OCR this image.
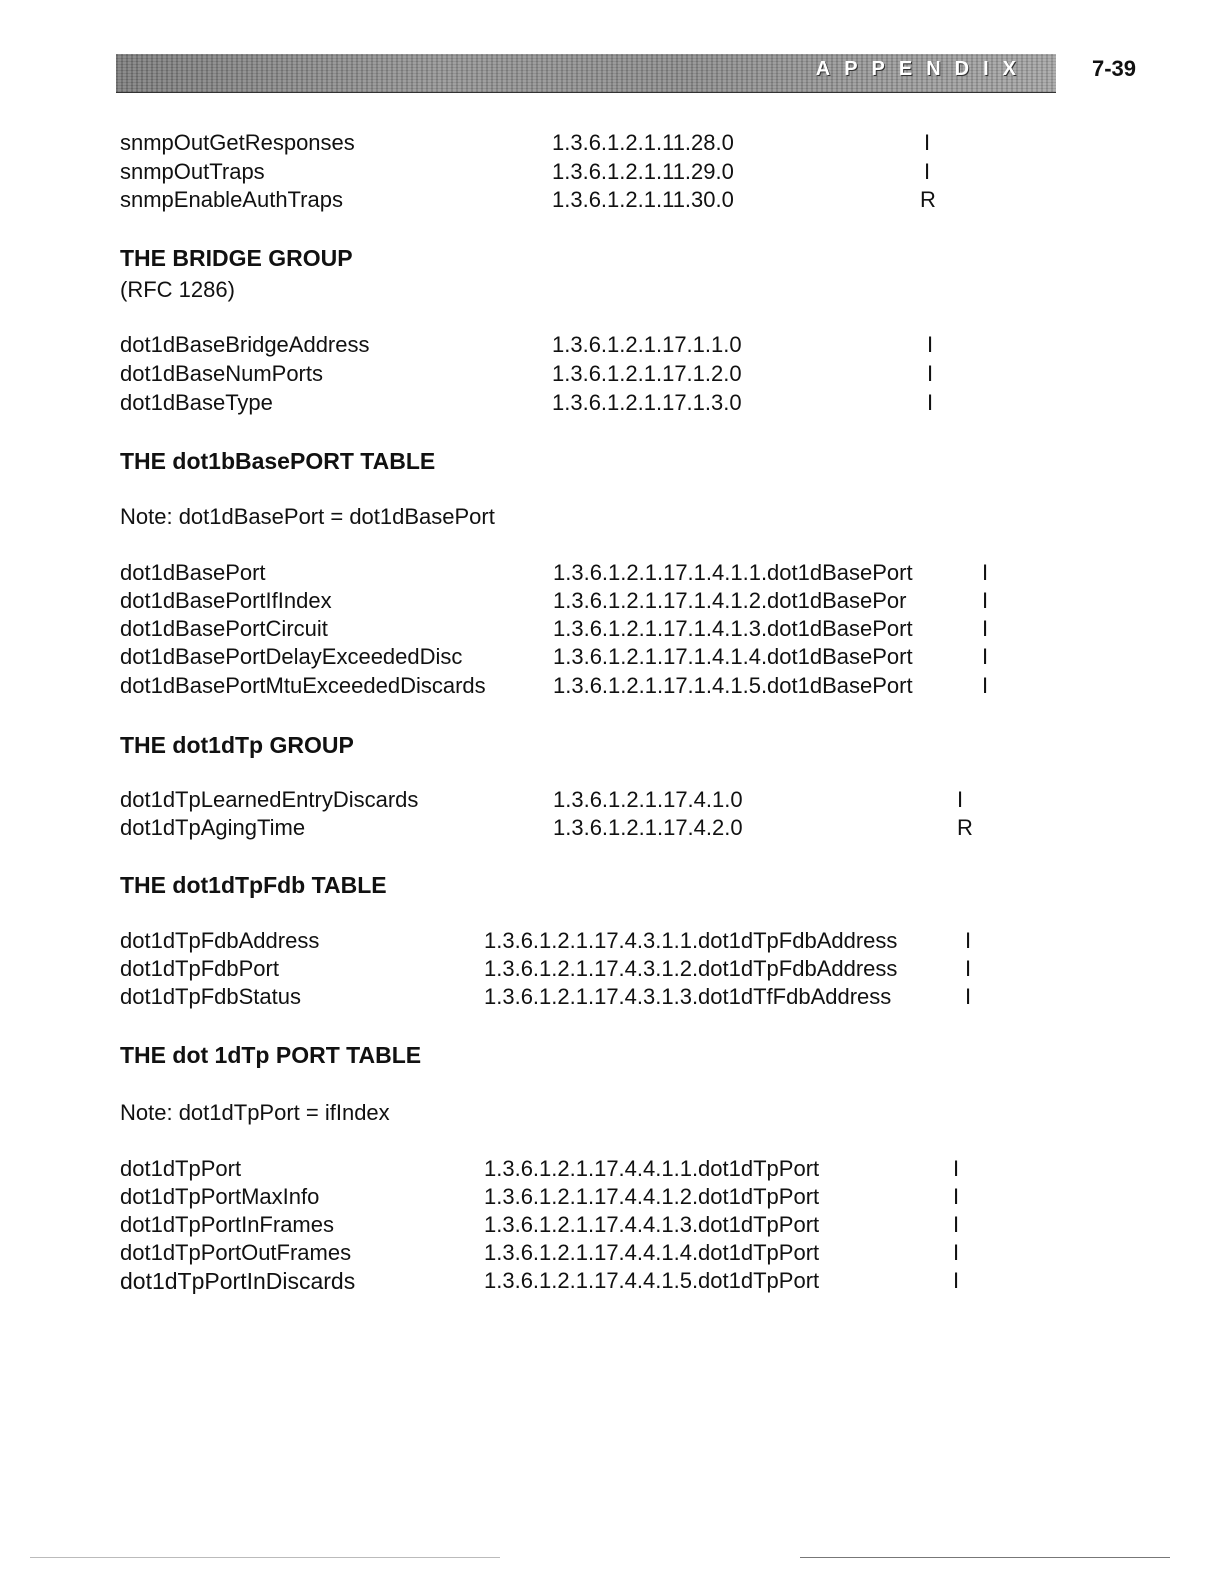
APPENDIX	7-39
snmpOutGetResponses	1.3.6.1.2.1.11.28.0	I
snmpOutTraps	1.3.6.1.2.1.11.29.0	I
snmpEnableAuthTraps	1.3.6.1.2.1.11.30.0	R
THE BRIDGE GROUP
(RFC 1286)
dot1dBaseBridgeAddress	1.3.6.1.2.1.17.1.1.0	I
dot1dBaseNumPorts	1.3.6.1.2.1.17.1.2.0	I
dot1dBaseType	1.3.6.1.2.1.17.1.3.0	I
THE dot1bBasePORT TABLE
Note: dot1dBasePort = dot1dBasePort
dot1dBasePort	1.3.6.1.2.1.17.1.4.1.1.dot1dBasePort	I
dot1dBasePortIfIndex	1.3.6.1.2.1.17.1.4.1.2.dot1dBasePor	I
dot1dBasePortCircuit	1.3.6.1.2.1.17.1.4.1.3.dot1dBasePort	I
dot1dBasePortDelayExceededDisc	1.3.6.1.2.1.17.1.4.1.4.dot1dBasePort	I
dot1dBasePortMtuExceededDiscards	1.3.6.1.2.1.17.1.4.1.5.dot1dBasePort	I
THE dot1dTp GROUP
dot1dTpLearnedEntryDiscards	1.3.6.1.2.1.17.4.1.0	I
dot1dTpAgingTime	1.3.6.1.2.1.17.4.2.0	R
THE dot1dTpFdb TABLE
dot1dTpFdbAddress	1.3.6.1.2.1.17.4.3.1.1.dot1dTpFdbAddress	I
dot1dTpFdbPort	1.3.6.1.2.1.17.4.3.1.2.dot1dTpFdbAddress	I
dot1dTpFdbStatus	1.3.6.1.2.1.17.4.3.1.3.dot1dTfFdbAddress	I
THE dot 1dTp PORT TABLE
Note: dot1dTpPort = ifIndex
dot1dTpPort	1.3.6.1.2.1.17.4.4.1.1.dot1dTpPort	I
dot1dTpPortMaxInfo	1.3.6.1.2.1.17.4.4.1.2.dot1dTpPort	I
dot1dTpPortInFrames	1.3.6.1.2.1.17.4.4.1.3.dot1dTpPort	I
dot1dTpPortOutFrames	1.3.6.1.2.1.17.4.4.1.4.dot1dTpPort	I
dot1dTpPortInDiscards	1.3.6.1.2.1.17.4.4.1.5.dot1dTpPort	I
